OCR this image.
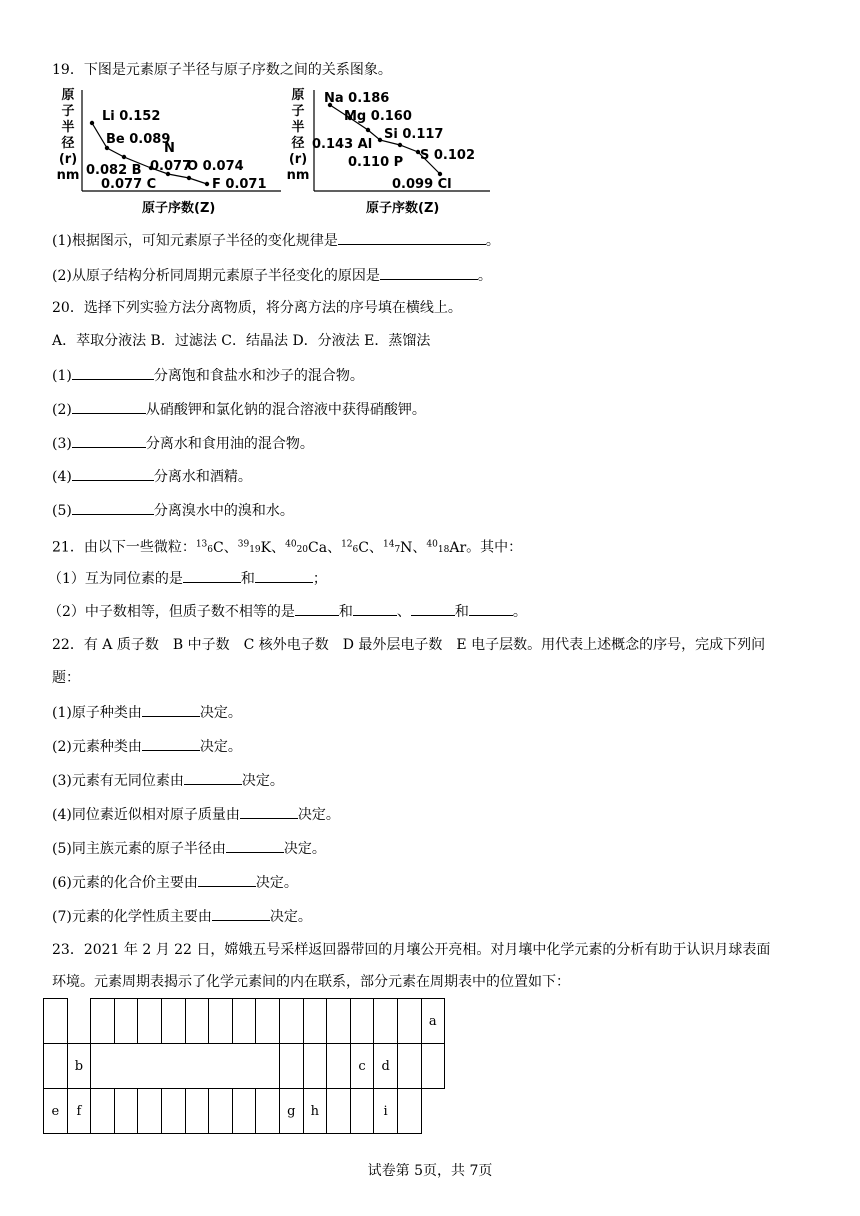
19．下图是元素原子半径与原子序数之间的关系图象。
原
子
半
径
(r)
nm
Li 0.152
Be 0.089
N
0.082 B 0.077
O 0.074
0.077 C	F 0.071
原子序数(Z)
原
子
半
径
(r)
nm
Na 0.186
Mg 0.160
Si 0.117
0.143 Al
S 0.102
0.110 P
0.099 Cl
原子序数(Z)
(1)根据图示，可知元素原子半径的变化规律是	。
(2)从原子结构分析同周期元素原子半径变化的原因是	。
20．选择下列实验方法分离物质，将分离方法的序号填在横线上。
A．萃取分液法 B．过滤法 C．结晶法 D．分液法 E．蒸馏法
(1)	分离饱和食盐水和沙子的混合物。
(2)	从硝酸钾和氯化钠的混合溶液中获得硝酸钾。
(3)	分离水和食用油的混合物。
(4)	分离水和酒精。
(5)	分离溴水中的溴和水。
21．由以下一些微粒：$^{13}$6C、$^{39}$19K、$^{40}$20Ca、$^{12}$6C、$^{14}$7N、$^{40}$18Ar。其中：
（1）互为同位素的是	和	；
（2）中子数相等，但质子数不相等的是	和	、	和	。
22．有 A 质子数　B 中子数　C 核外电子数　D 最外层电子数　E 电子层数。用代表上述概念的序号，完成下列问
题：
(1)原子种类由	决定。
(2)元素种类由	决定。
(3)元素有无同位素由	决定。
(4)同位素近似相对原子质量由	决定。
(5)同主族元素的原子半径由	决定。
(6)元素的化合价主要由	决定。
(7)元素的化学性质主要由	决定。
23．2021 年 2 月 22 日，嫦娥五号采样返回器带回的月壤公开亮相。对月壤中化学元素的分析有助于认识月球表面
环境。元素周期表揭示了化学元素间的内在联系，部分元素在周期表中的位置如下：
																a
	b												c	d		
e	f									g	h			i		
试卷第 5页，共 7页
